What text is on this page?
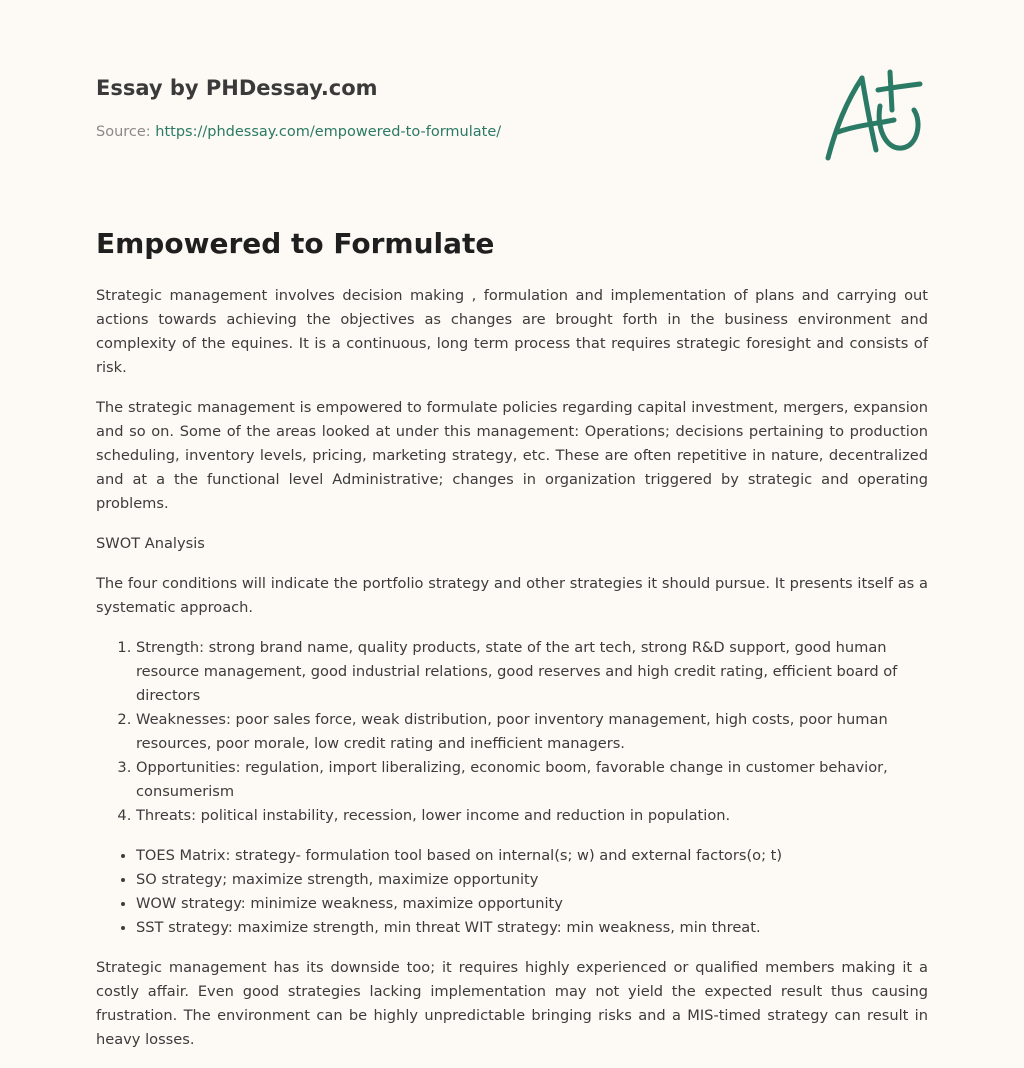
Essay by PHDessay.com
Source: https://phdessay.com/empowered-to-formulate/
Empowered to Formulate

Strategic management involves decision making , formulation and implementation of plans and carrying out actions towards achieving the objectives as changes are brought forth in the business environment and complexity of the equines. It is a continuous, long term process that requires strategic foresight and consists of risk.

The strategic management is empowered to formulate policies regarding capital investment, mergers, expansion and so on. Some of the areas looked at under this management: Operations; decisions pertaining to production scheduling, inventory levels, pricing, marketing strategy, etc. These are often repetitive in nature, decentralized and at a the functional level Administrative; changes in organization triggered by strategic and operating problems.

SWOT Analysis

The four conditions will indicate the portfolio strategy and other strategies it should pursue. It presents itself as a systematic approach.

1. Strength: strong brand name, quality products, state of the art tech, strong R&D support, good human resource management, good industrial relations, good reserves and high credit rating, efficient board of directors
2. Weaknesses: poor sales force, weak distribution, poor inventory management, high costs, poor human resources, poor morale, low credit rating and inefficient managers.
3. Opportunities: regulation, import liberalizing, economic boom, favorable change in customer behavior, consumerism
4. Threats: political instability, recession, lower income and reduction in population.
• TOES Matrix: strategy- formulation tool based on internal(s; w) and external factors(o; t)
• SO strategy; maximize strength, maximize opportunity
• WOW strategy: minimize weakness, maximize opportunity
• SST strategy: maximize strength, min threat WIT strategy: min weakness, min threat.

Strategic management has its downside too; it requires highly experienced or qualified members making it a costly affair. Even good strategies lacking implementation may not yield the expected result thus causing frustration. The environment can be highly unpredictable bringing risks and a MIS-timed strategy can result in heavy losses.
